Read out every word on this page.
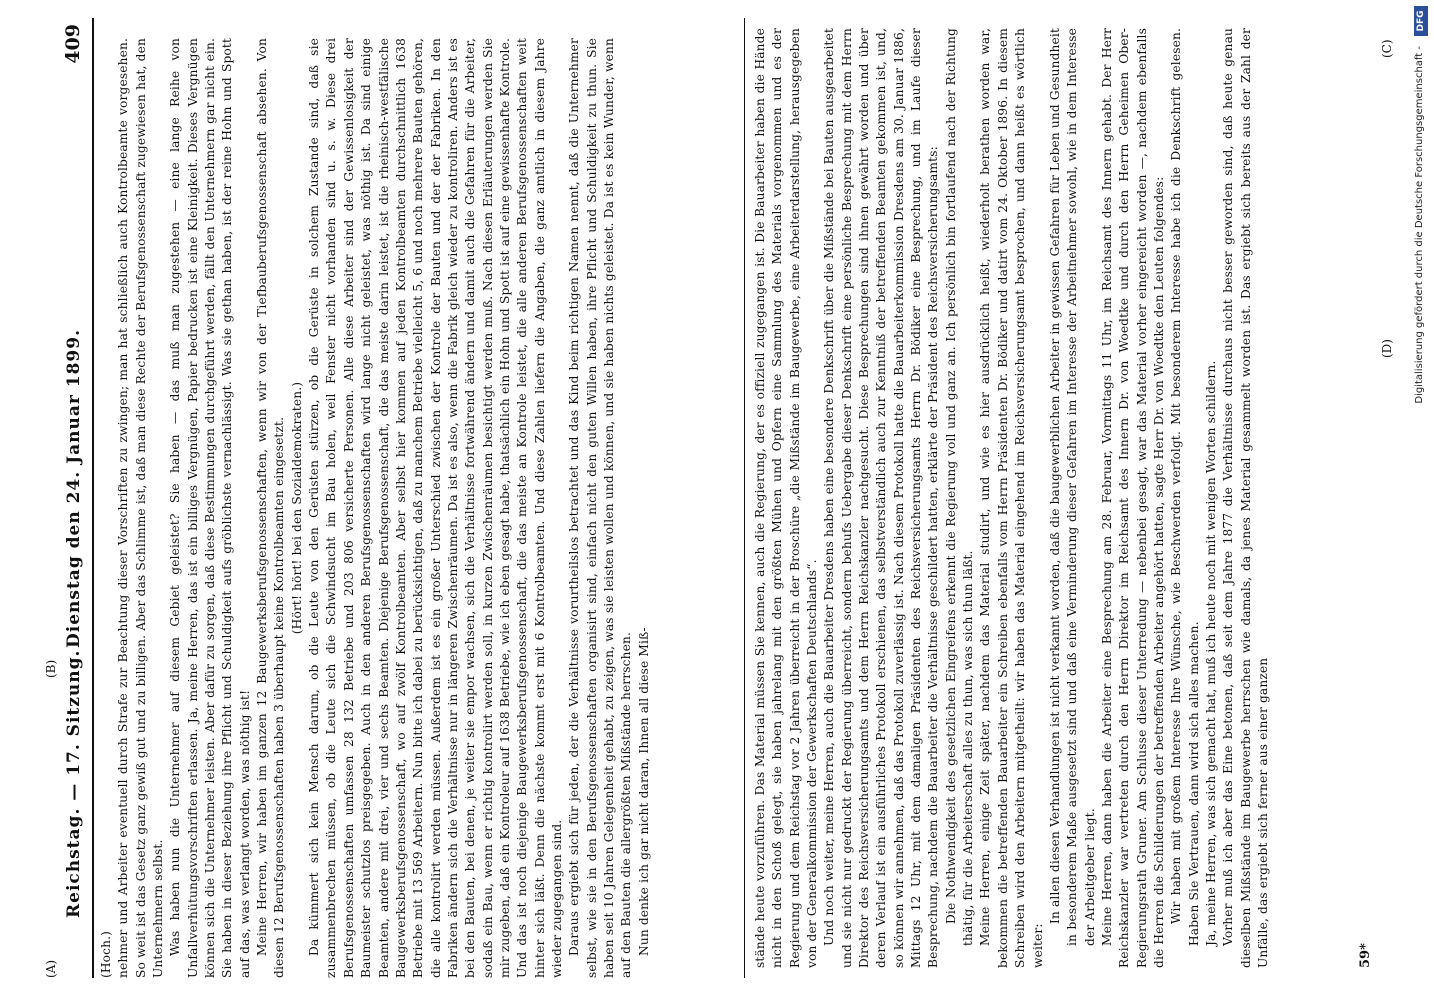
Reichstag. — 17. Sitzung.
Dienstag den 24. Januar 1899.
409

(Hoch.) nehmer und Arbeiter eventuell durch Strafe zur Beachtung dieser Vorschriften zu zwingen; man hat schließlich auch Kontrolbeamte vorgesehen. So weit ist das Gesetz ganz gewiß gut und zu billigen. Aber das Schlimme ist, daß man diese Rechte der Berufsgenossenschaft zugewiesen hat, den Unternehmern selbst. Was haben nun die Unternehmer auf diesem Gebiet geleistet? Sie haben — das muß man zugestehen — eine lange Reihe von Unfallverhütungsvorschriften erlassen. Ja, meine Herren, das ist ein billiges Vergnügen, Papier bedrucken ist eine Kleinigkeit. Dieses Vergnügen können sich die Unternehmer leisten. Aber dafür zu sorgen, daß diese Bestimmungen durchgeführt werden, fällt den Unternehmern gar nicht ein. Sie haben in dieser Beziehung ihre Pflicht und Schuldigkeit aufs gröblichste vernachlässigt. Was sie gethan haben, ist der reine Hohn und Spott auf das, was verlangt worden, was nöthig ist! Meine Herren, wir haben im ganzen 12 Baugewerksberufsgenossenschaften, wenn wir von der Tiefbauberufsgenossenschaft absehen. Von diesen 12 Berufsgenossenschaften haben 3 überhaupt keine Kontrolbeamten eingesetzt. (Hört! hört! bei den Sozialdemokraten.) Da kümmert sich kein Mensch darum, ob die Leute von den Gerüsten stürzen, ob die Gerüste in solchem Zustande sind, daß sie zusammenbrechen müssen, ob die Leute sich die Schwindsucht im Bau holen, weil Fenster nicht vorhanden sind u. s. w. Diese drei Berufsgenossenschaften umfassen 28 132 Betriebe und 203 806 versicherte Personen. Alle diese Arbeiter sind der Gewissenlosigkeit der Baumeister schutzlos preisgegeben. Auch in den anderen Berufsgenossenschaften wird lange nicht geleistet, was nöthig ist. Da sind einige Beamten, andere mit drei, vier und sechs Beamten. Diejenige Berufsgenossenschaft, die das meiste darin leistet, ist die rheinisch-westfälische Baugewerksberufsgenossenschaft, wo auf zwölf Kontrolbeamten. Aber selbst hier kommen auf jeden Kontrolbeamten durchschnittlich 1638 Betriebe mit 13 569 Arbeitern. Nun bitte ich dabei zu berücksichtigen, daß zu manchem Betriebe vielleicht 5, 6 und noch mehrere Bauten gehören, die alle kontrolirt werden müssen. Außerdem ist es ein großer Unterschied zwischen der Kontrole der Bauten und der der Fabriken. In den Fabriken ändern sich die Verhältnisse nur in längeren Zwischenräumen. Da ist es also, wenn die Fabrik gleich wieder zu kontroliren. Anders ist es bei den Bauten, bei denen, je weiter sie empor wachsen, sich die Verhältnisse fortwährend ändern und damit auch die Gefahren für die Arbeiter, sodaß ein Bau, wenn er richtig kontrolirt werden soll, in kurzen Zwischenräumen besichtigt werden muß. Nach diesen Erläuterungen werden Sie mir zugeben, daß ein Kontroleur auf 1638 Betriebe, wie ich eben gesagt habe, thatsächlich ein Hohn und Spott ist auf eine gewissenhafte Kontrole. Und das ist noch diejenige Baugewerksberufsgenossenschaft, die das meiste an Kontrole leistet, die alle anderen Berufsgenossenschaften weit hinter sich läßt. Denn die nächste kommt erst mit 6 Kontrolbeamten. Und diese Zahlen liefern die Angaben, die ganz amtlich in diesem Jahre wieder zugegangen sind. Daraus ergiebt sich für jeden, der die Verhältnisse vorurtheilslos betrachtet und das Kind beim richtigen Namen nennt, daß die Unternehmer selbst, wie sie in den Berufsgenossenschaften organisirt sind, einfach nicht den guten Willen haben, ihre Pflicht und Schuldigkeit zu thun. Sie haben seit 10 Jahren Gelegenheit gehabt, zu zeigen, was sie leisten wollen und können, und sie haben nichts geleistet. Da ist es kein Wunder, wenn auf den Bauten die allergrößten Mißstände herrschen. Nun denke ich gar nicht daran, Ihnen all diese Miß-	stände heute vorzuführen. Das Material müssen Sie kennen, auch die Regierung, der es offiziell zugegangen ist. Die Bauarbeiter haben die Hände nicht in den Schoß gelegt, sie haben jahrelang mit den größten Mühen und Opfern eine Sammlung des Materials vorgenommen und es der Regierung und dem Reichstag vor 2 Jahren überreicht in der Broschüre „die Mißstände im Baugewerbe, eine Arbeiterdarstellung, herausgegeben von der Generalkommission der Gewerkschaften Deutschlands“. Und noch weiter, meine Herren, auch die Bauarbeiter Dresdens haben eine besondere Denkschrift über die Mißstände bei Bauten ausgearbeitet und sie nicht nur gedruckt der Regierung überreicht, sondern behufs Uebergabe dieser Denkschrift eine persönliche Besprechung mit dem Herrn Direktor des Reichsversicherungsamts und dem Herrn Reichskanzler nachgesucht. Diese Besprechungen sind ihnen gewährt worden und über deren Verlauf ist ein ausführliches Protokoll erschienen, das selbstverständlich auch zur Kenntniß der betreffenden Beamten gekommen ist, und, so können wir annehmen, daß das Protokoll zuverlässig ist. Nach diesem Protokoll hatte die Bauarbeiterkommission Dresdens am 30. Januar 1886, Mittags 12 Uhr, mit dem damaligen Präsidenten des Reichsversicherungsamts Herrn Dr. Bödiker eine Besprechung, und im Laufe dieser Besprechung, nachdem die Bauarbeiter die Verhältnisse geschildert hatten, erklärte der Präsident des Reichsversicherungsamts: Die Nothwendigkeit des gesetzlichen Eingreifens erkennt die Regierung voll und ganz an. Ich persönlich bin fortlaufend nach der Richtung thätig, für die Arbeiterschaft alles zu thun, was sich thun läßt. Meine Herren, einige Zeit später, nachdem das Material studirt, und wie es hier ausdrücklich heißt, wiederholt berathen worden war, bekommen die betreffenden Bauarbeiter ein Schreiben ebenfalls vom Herrn Präsidenten Dr. Bödiker und datirt vom 24. Oktober 1896. In diesem Schreiben wird den Arbeitern mitgetheilt: wir haben das Material eingehend im Reichsversicherungsamt besprochen, und dann heißt es wörtlich weiter:

In allen diesen Verhandlungen ist nicht verkannt worden, daß die baugewerblichen Arbeiter in gewissen Gefahren für Leben und Gesundheit in besonderem Maße ausgesetzt sind und daß eine Verminderung dieser Gefahren im Interesse der Arbeitnehmer sowohl, wie in dem Interesse der Arbeitgeber liegt. Meine Herren, dann haben die Arbeiter eine Besprechung am 28. Februar, Vormittags 11 Uhr, im Reichsamt des Innern gehabt. Der Herr Reichskanzler war vertreten durch den Herrn Direktor im Reichsamt des Innern Dr. von Woedtke und durch den Herrn Geheimen Ober-Regierungsrath Gruner. Am Schlusse dieser Unterredung — nebenbei gesagt, war das Material vorher eingereicht worden —, nachdem ebenfalls die Herren die Schilderungen der betreffenden Arbeiter angehört hatten, sagte Herr Dr. von Woedtke den Leuten folgendes: Wir haben mit großem Interesse Ihre Wünsche, wie Beschwerden verfolgt. Mit besonderem Interesse habe ich die Denkschrift gelesen. Haben Sie Vertrauen, dann wird sich alles machen. Ja, meine Herren, was sich gemacht hat, muß ich heute noch mit wenigen Worten schildern. Vorher muß ich aber das Eine betonen, daß seit dem Jahre 1877 die Verhältnisse durchaus nicht besser geworden sind, daß heute genau dieselben Mißstände im Baugewerbe herrschen wie damals, da jenes Material gesammelt worden ist. Das ergiebt sich bereits aus der Zahl der Unfälle, das ergiebt sich ferner aus einer ganzen

(A)
(B)
(C)
(D)
59*
DFG
Digitalisierung gefördert durch die Deutsche Forschungsgemeinschaft -
